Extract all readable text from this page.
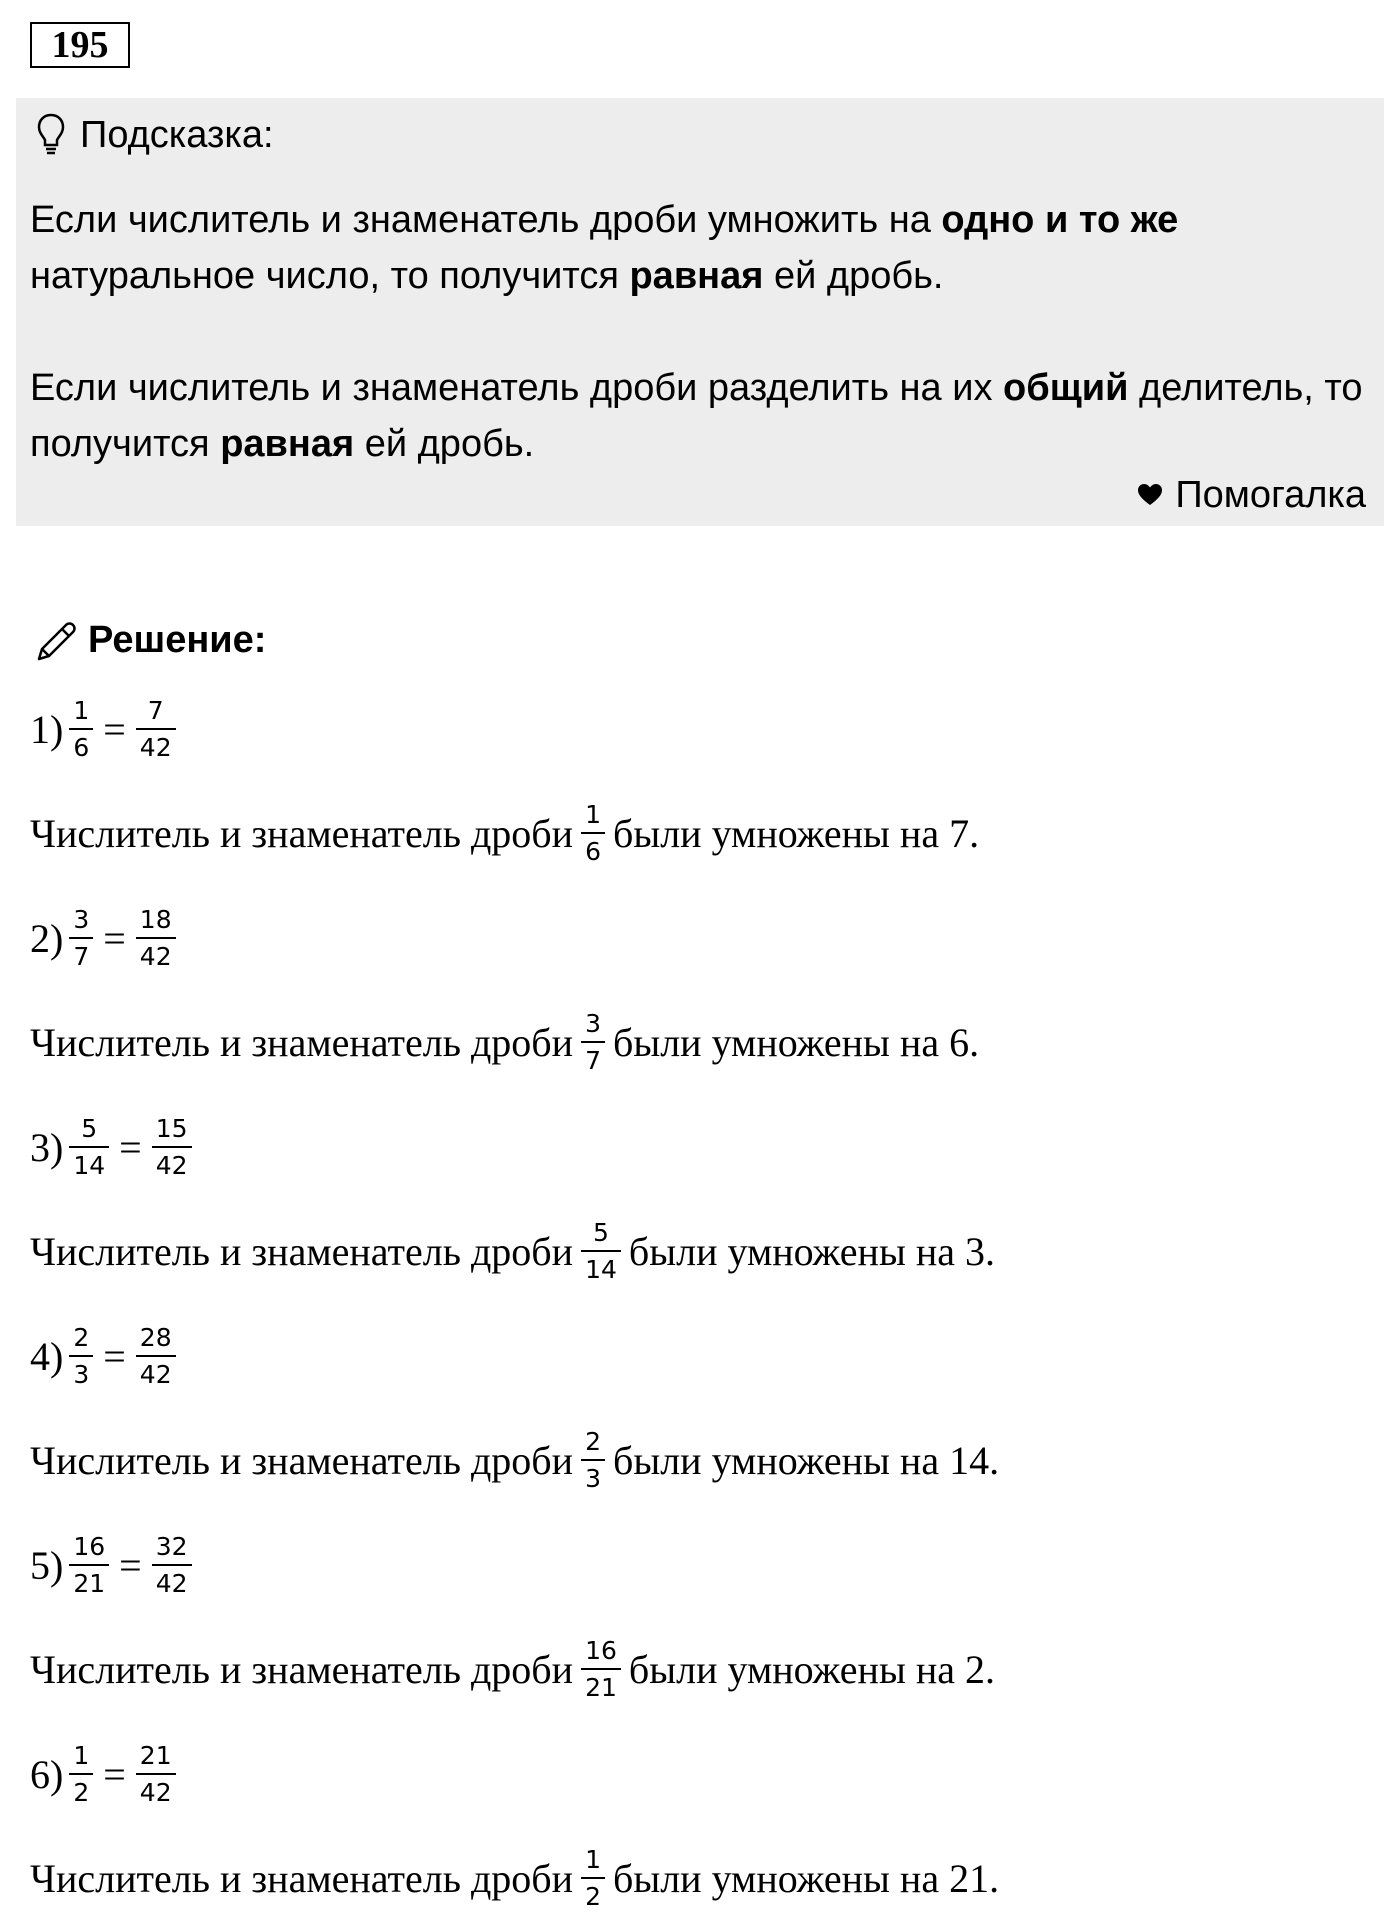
195
Подсказка:

Если числитель и знаменатель дроби умножить на одно и то же натуральное число, то получится равная ей дробь.

Если числитель и знаменатель дроби разделить на их общий делитель, то получится равная ей дробь.

Помогалка
Решение:
$1) \frac{1}{6} = \frac{7}{42}$
Числитель и знаменатель дроби $\frac{1}{6}$ были умножены на 7.
$2) \frac{3}{7} = \frac{18}{42}$
Числитель и знаменатель дроби $\frac{3}{7}$ были умножены на 6.
$3) \frac{5}{14} = \frac{15}{42}$
Числитель и знаменатель дроби $\frac{5}{14}$ были умножены на 3.
$4) \frac{2}{3} = \frac{28}{42}$
Числитель и знаменатель дроби $\frac{2}{3}$ были умножены на 14.
$5) \frac{16}{21} = \frac{32}{42}$
Числитель и знаменатель дроби $\frac{16}{21}$ были умножены на 2.
$6) \frac{1}{2} = \frac{21}{42}$
Числитель и знаменатель дроби $\frac{1}{2}$ были умножены на 21.
